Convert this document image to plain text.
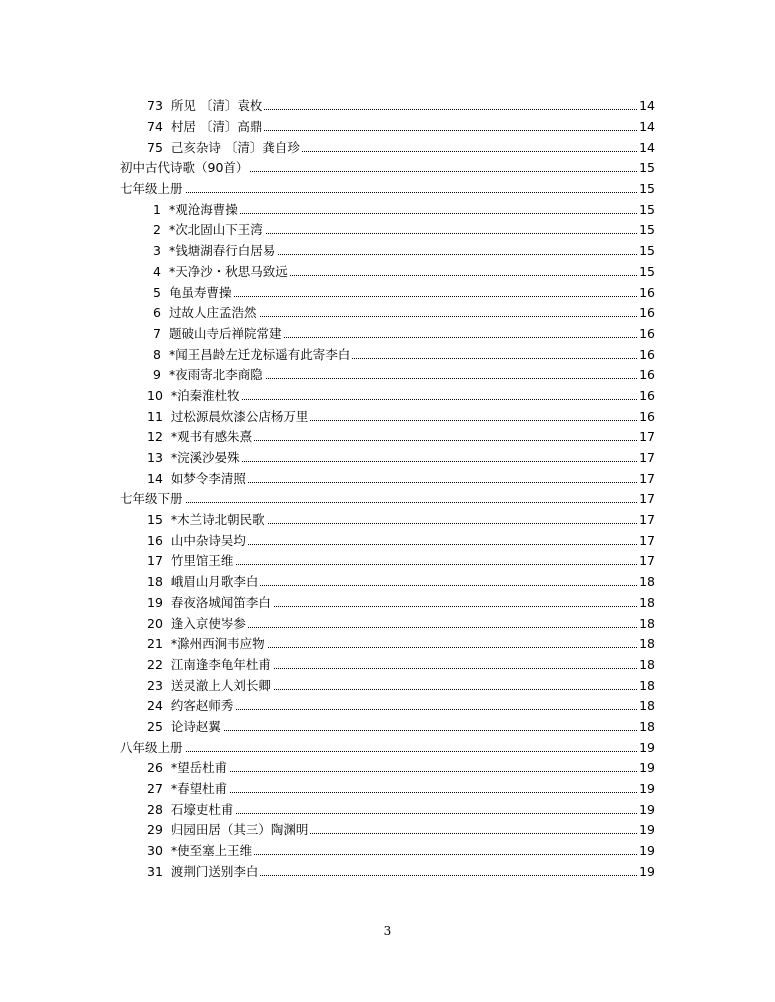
73 所见 〔清〕袁枚	14
74 村居 〔清〕高鼎	14
75 己亥杂诗 〔清〕龚自珍	14
初中古代诗歌（90首）	15
七年级上册	15
1 *观沧海曹操	15
2 *次北固山下王湾	15
3 *钱塘湖春行白居易	15
4 *天净沙・秋思马致远	15
5 龟虽寿曹操	16
6 过故人庄孟浩然	16
7 题破山寺后禅院常建	16
8 *闻王昌龄左迁龙标遥有此寄李白	16
9 *夜雨寄北李商隐	16
10 *泊秦淮杜牧	16
11 过松源晨炊漆公店杨万里	16
12 *观书有感朱熹	17
13 *浣溪沙晏殊	17
14 如梦令李清照	17
七年级下册	17
15 *木兰诗北朝民歌	17
16 山中杂诗吴均	17
17 竹里馆王维	17
18 峨眉山月歌李白	18
19 春夜洛城闻笛李白	18
20 逢入京使岑参	18
21 *滁州西涧韦应物	18
22 江南逢李龟年杜甫	18
23 送灵澈上人刘长卿	18
24 约客赵师秀	18
25 论诗赵翼	18
八年级上册	19
26 *望岳杜甫	19
27 *春望杜甫	19
28 石壕吏杜甫	19
29 归园田居（其三）陶渊明	19
30 *使至塞上王维	19
31 渡荆门送别李白	19
3
